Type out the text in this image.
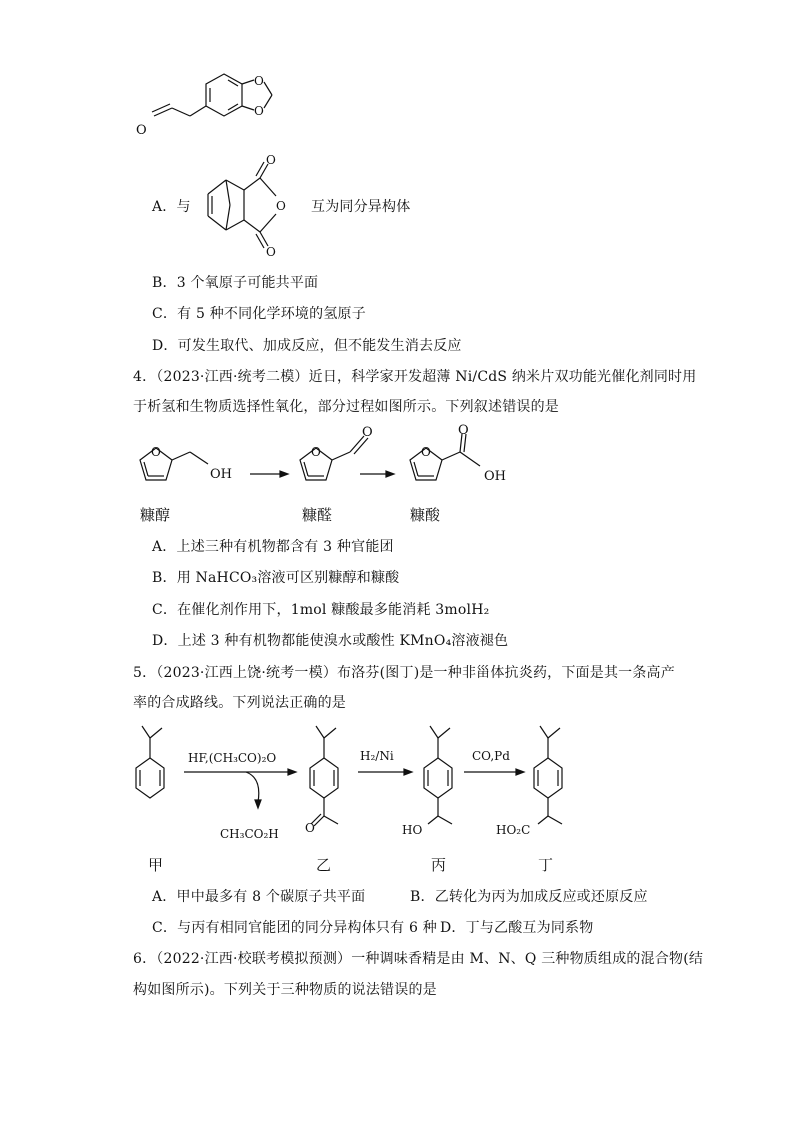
O
O
O
A．与
O
O
O
互为同分异构体
B．3 个氧原子可能共平面
C．有 5 种不同化学环境的氢原子
D．可发生取代、加成反应，但不能发生消去反应
4．（2023·江西·统考二模）近日，科学家开发超薄 Ni/CdS 纳米片双功能光催化剂同时用
于析氢和生物质选择性氧化，部分过程如图所示。下列叙述错误的是
O
OH
O
O
O
O
OH
糠醇	糠醛	糠酸
A．上述三种有机物都含有 3 种官能团
B．用 NaHCO₃溶液可区别糠醇和糠酸
C．在催化剂作用下，1mol 糠酸最多能消耗 3molH₂
D．上述 3 种有机物都能使溴水或酸性 KMnO₄溶液褪色
5．（2023·江西上饶·统考一模）布洛芬(图丁)是一种非甾体抗炎药，下面是其一条高产
率的合成路线。下列说法正确的是
HF,(CH₃CO)₂O
CH₃CO₂H O
H₂/Ni
HO
CO,Pd
HO₂C
甲	乙	丙	丁
A．甲中最多有 8 个碳原子共平面	B．乙转化为丙为加成反应或还原反应
C．与丙有相同官能团的同分异构体只有 6 种 D．丁与乙酸互为同系物
6．（2022·江西·校联考模拟预测）一种调味香精是由 M、N、Q 三种物质组成的混合物(结
构如图所示)。下列关于三种物质的说法错误的是
